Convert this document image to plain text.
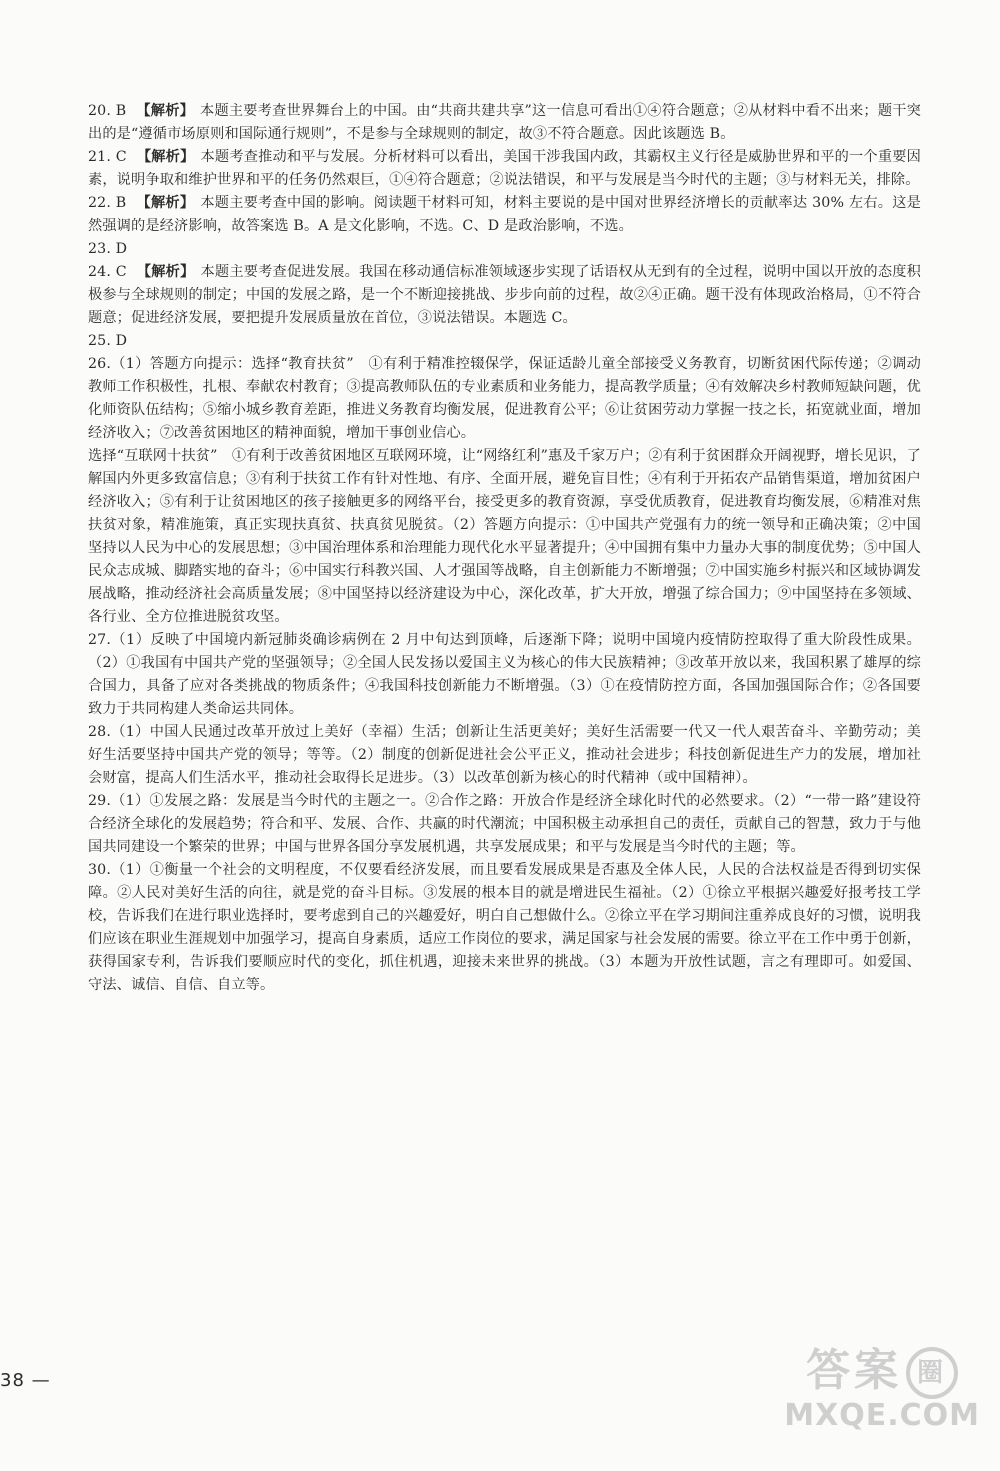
20. B 【解析】 本题主要考查世界舞台上的中国。由“共商共建共享”这一信息可看出①④符合题意；②从材料中看不出来；题干突出的是“遵循市场原则和国际通行规则”，不是参与全球规则的制定，故③不符合题意。因此该题选 B。

21. C 【解析】 本题考查推动和平与发展。分析材料可以看出，美国干涉我国内政，其霸权主义行径是威胁世界和平的一个重要因素，说明争取和维护世界和平的任务仍然艰巨，①④符合题意；②说法错误，和平与发展是当今时代的主题；③与材料无关，排除。

22. B 【解析】 本题主要考查中国的影响。阅读题干材料可知，材料主要说的是中国对世界经济增长的贡献率达 30% 左右。这是然强调的是经济影响，故答案选 B。A 是文化影响，不选。C、D 是政治影响，不选。

23. D

24. C 【解析】 本题主要考查促进发展。我国在移动通信标准领域逐步实现了话语权从无到有的全过程，说明中国以开放的态度积极参与全球规则的制定；中国的发展之路，是一个不断迎接挑战、步步向前的过程，故②④正确。题干没有体现政治格局，①不符合题意；促进经济发展，要把提升发展质量放在首位，③说法错误。本题选 C。

25. D

26.（1）答题方向提示：选择“教育扶贫”　①有利于精准控辍保学，保证适龄儿童全部接受义务教育，切断贫困代际传递；②调动教师工作积极性，扎根、奉献农村教育；③提高教师队伍的专业素质和业务能力，提高教学质量；④有效解决乡村教师短缺问题，优化师资队伍结构；⑤缩小城乡教育差距，推进义务教育均衡发展，促进教育公平；⑥让贫困劳动力掌握一技之长，拓宽就业面，增加经济收入；⑦改善贫困地区的精神面貌，增加干事创业信心。

选择“互联网十扶贫”　①有利于改善贫困地区互联网环境，让“网络红利”惠及千家万户；②有利于贫困群众开阔视野，增长见识，了解国内外更多致富信息；③有利于扶贫工作有针对性地、有序、全面开展，避免盲目性；④有利于开拓农产品销售渠道，增加贫困户经济收入；⑤有利于让贫困地区的孩子接触更多的网络平台，接受更多的教育资源，享受优质教育，促进教育均衡发展，⑥精准对焦扶贫对象，精准施策，真正实现扶真贫、扶真贫见脱贫。（2）答题方向提示：①中国共产党强有力的统一领导和正确决策；②中国坚持以人民为中心的发展思想；③中国治理体系和治理能力现代化水平显著提升；④中国拥有集中力量办大事的制度优势；⑤中国人民众志成城、脚踏实地的奋斗；⑥中国实行科教兴国、人才强国等战略，自主创新能力不断增强；⑦中国实施乡村振兴和区域协调发展战略，推动经济社会高质量发展；⑧中国坚持以经济建设为中心，深化改革，扩大开放，增强了综合国力；⑨中国坚持在多领域、各行业、全方位推进脱贫攻坚。

27.（1）反映了中国境内新冠肺炎确诊病例在 2 月中旬达到顶峰，后逐渐下降；说明中国境内疫情防控取得了重大阶段性成果。（2）①我国有中国共产党的坚强领导；②全国人民发扬以爱国主义为核心的伟大民族精神；③改革开放以来，我国积累了雄厚的综合国力，具备了应对各类挑战的物质条件；④我国科技创新能力不断增强。（3）①在疫情防控方面，各国加强国际合作；②各国要致力于共同构建人类命运共同体。

28.（1）中国人民通过改革开放过上美好（幸福）生活；创新让生活更美好；美好生活需要一代又一代人艰苦奋斗、辛勤劳动；美好生活要坚持中国共产党的领导；等等。（2）制度的创新促进社会公平正义，推动社会进步；科技创新促进生产力的发展，增加社会财富，提高人们生活水平，推动社会取得长足进步。（3）以改革创新为核心的时代精神（或中国精神）。

29.（1）①发展之路：发展是当今时代的主题之一。②合作之路：开放合作是经济全球化时代的必然要求。（2）“一带一路”建设符合经济全球化的发展趋势；符合和平、发展、合作、共赢的时代潮流；中国积极主动承担自己的责任，贡献自己的智慧，致力于与他国共同建设一个繁荣的世界；中国与世界各国分享发展机遇，共享发展成果；和平与发展是当今时代的主题；等。

30.（1）①衡量一个社会的文明程度，不仅要看经济发展，而且要看发展成果是否惠及全体人民，人民的合法权益是否得到切实保障。②人民对美好生活的向往，就是党的奋斗目标。③发展的根本目的就是增进民生福祉。（2）①徐立平根据兴趣爱好报考技工学校，告诉我们在进行职业选择时，要考虑到自己的兴趣爱好，明白自己想做什么。②徐立平在学习期间注重养成良好的习惯，说明我们应该在职业生涯规划中加强学习，提高自身素质，适应工作岗位的要求，满足国家与社会发展的需要。徐立平在工作中勇于创新，获得国家专利，告诉我们要顺应时代的变化，抓住机遇，迎接未来世界的挑战。（3）本题为开放性试题，言之有理即可。如爱国、守法、诚信、自信、自立等。

38 —	答案 圈
MXQE.COM
